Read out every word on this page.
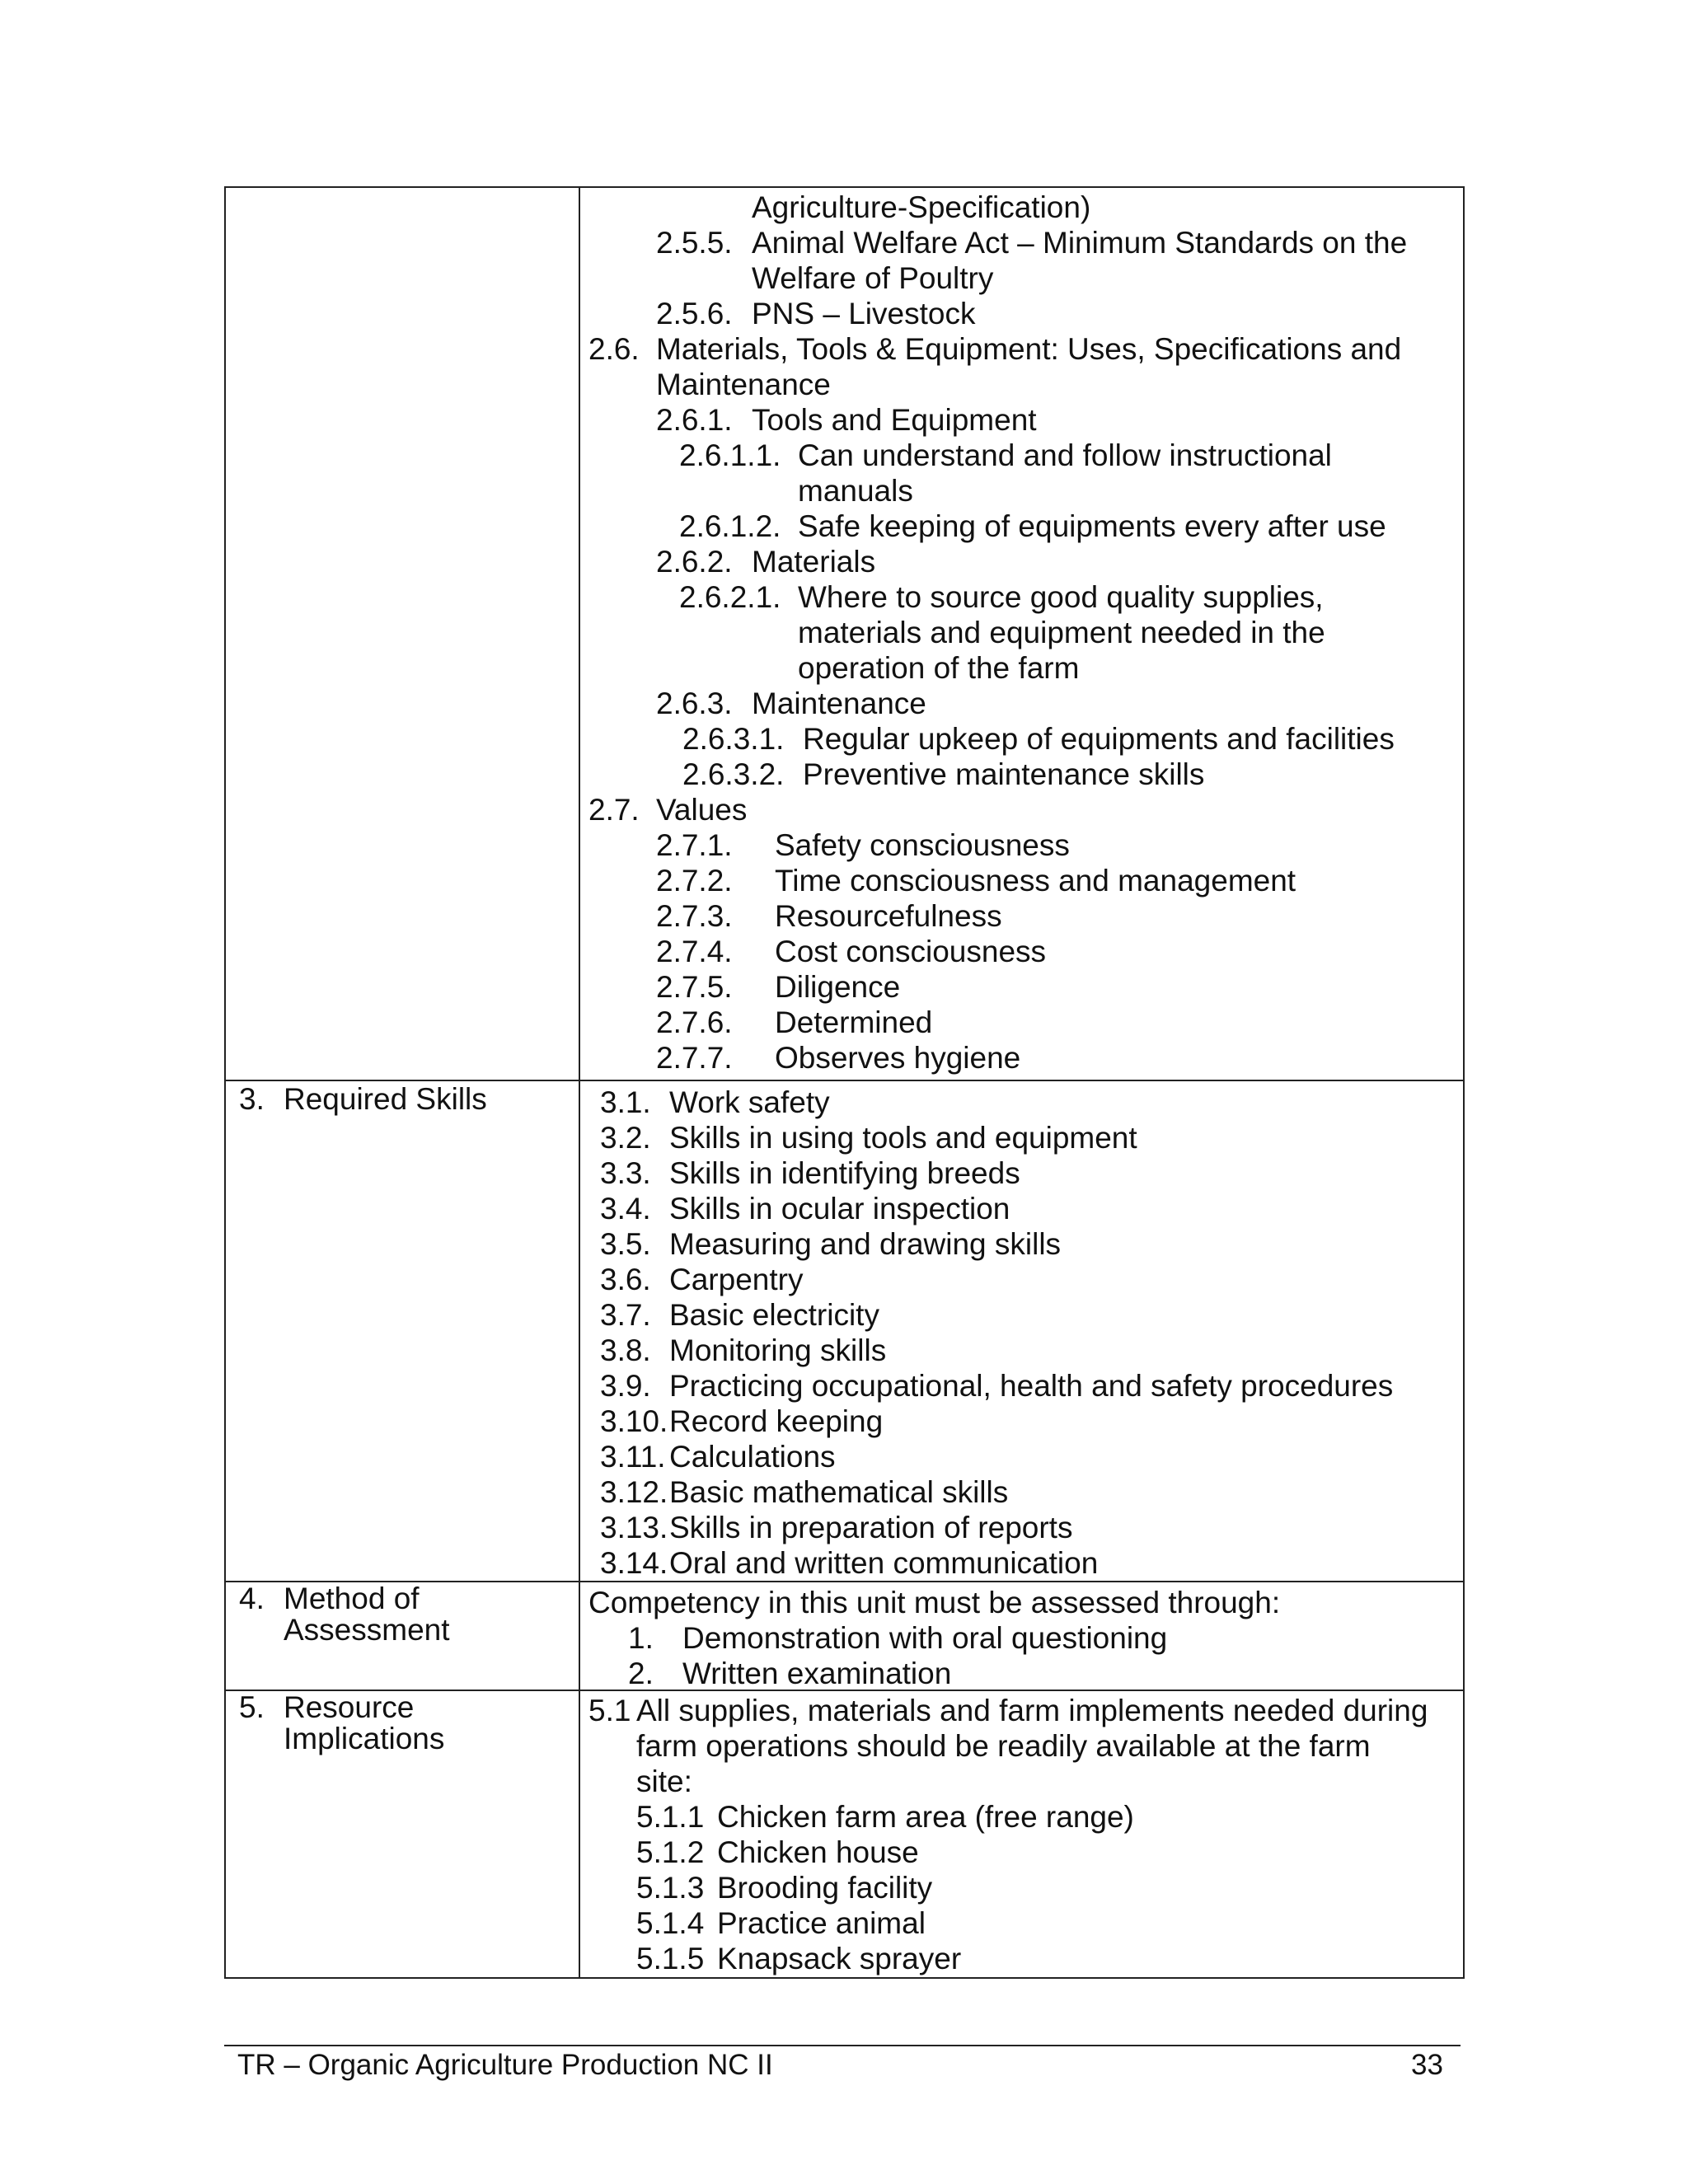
Agriculture-Specification)
2.5.5. Animal Welfare Act – Minimum Standards on the
Welfare of Poultry
2.5.6. PNS – Livestock
2.6. Materials, Tools & Equipment: Uses, Specifications and
Maintenance
2.6.1. Tools and Equipment
2.6.1.1. Can understand and follow instructional
manuals
2.6.1.2. Safe keeping of equipments every after use
2.6.2. Materials
2.6.2.1. Where to source good quality supplies,
materials and equipment needed in the
operation of the farm
2.6.3. Maintenance
2.6.3.1. Regular upkeep of equipments and facilities
2.6.3.2. Preventive maintenance skills
2.7. Values
2.7.1. Safety consciousness
2.7.2. Time consciousness and management
2.7.3. Resourcefulness
2.7.4. Cost consciousness
2.7.5. Diligence
2.7.6. Determined
2.7.7. Observes hygiene
3. Required Skills	3.1. Work safety
3.2. Skills in using tools and equipment
3.3. Skills in identifying breeds
3.4. Skills in ocular inspection
3.5. Measuring and drawing skills
3.6. Carpentry
3.7. Basic electricity
3.8. Monitoring skills
3.9. Practicing occupational, health and safety procedures
3.10. Record keeping
3.11. Calculations
3.12. Basic mathematical skills
3.13. Skills in preparation of reports
3.14. Oral and written communication
4. Method of
Assessment
Competency in this unit must be assessed through:
1. Demonstration with oral questioning
2. Written examination
5. Resource
Implications
5.1 All supplies, materials and farm implements needed during
farm operations should be readily available at the farm
site:
5.1.1 Chicken farm area (free range)
5.1.2 Chicken house
5.1.3 Brooding facility
5.1.4 Practice animal
5.1.5 Knapsack sprayer
TR – Organic Agriculture Production NC II	33
